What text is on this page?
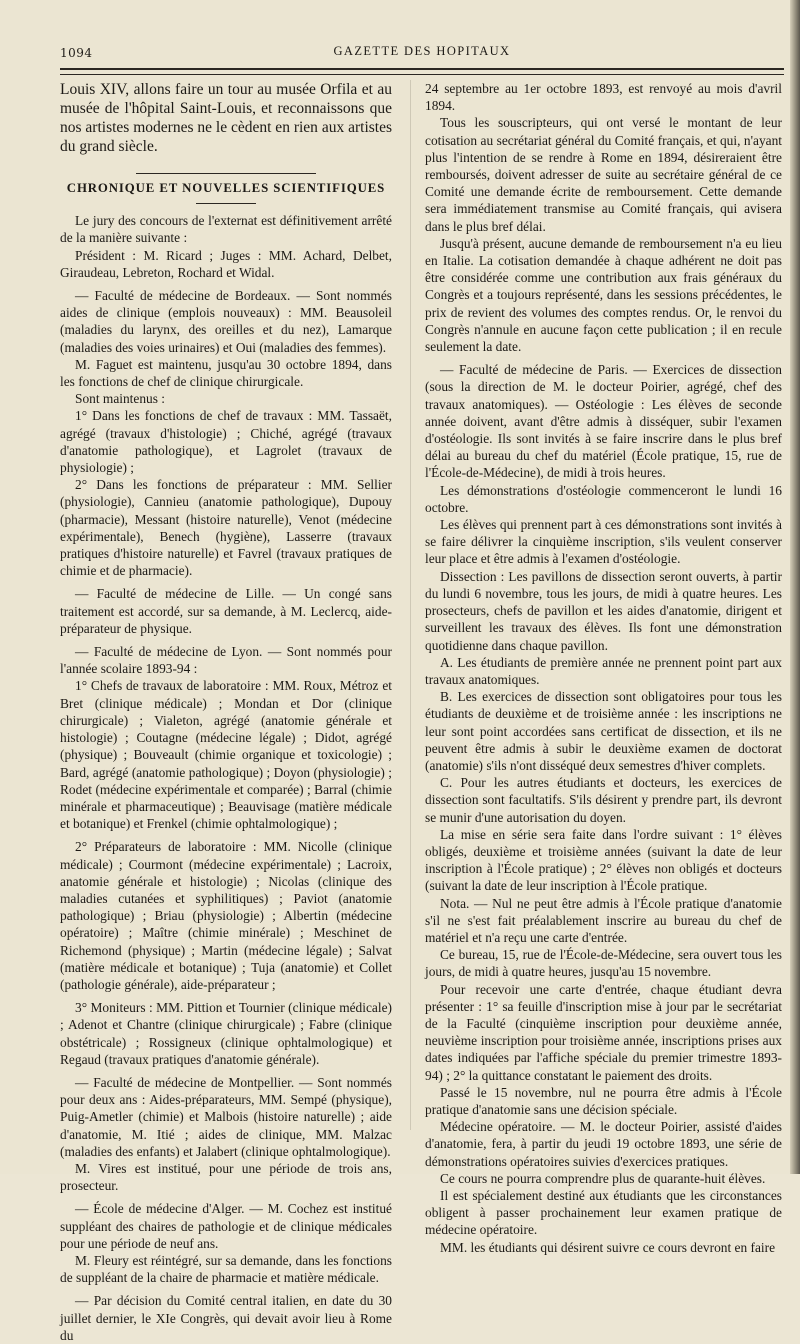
1094	GAZETTE DES HOPITAUX

Louis XIV, allons faire un tour au musée Orfila et au musée de l'hôpital Saint-Louis, et reconnaissons que nos artistes modernes ne le cèdent en rien aux artistes du grand siècle.

CHRONIQUE ET NOUVELLES SCIENTIFIQUES

Le jury des concours de l'externat est définitivement arrêté de la manière suivante :

Président : M. Ricard ; Juges : MM. Achard, Delbet, Giraudeau, Lebreton, Rochard et Widal.

— Faculté de médecine de Bordeaux. — Sont nommés aides de clinique (emplois nouveaux) : MM. Beausoleil (maladies du larynx, des oreilles et du nez), Lamarque (maladies des voies urinaires) et Oui (maladies des femmes).

M. Faguet est maintenu, jusqu'au 30 octobre 1894, dans les fonctions de chef de clinique chirurgicale.

Sont maintenus :

1° Dans les fonctions de chef de travaux : MM. Tassaët, agrégé (travaux d'histologie) ; Chiché, agrégé (travaux d'anatomie pathologique), et Lagrolet (travaux de physiologie) ;

2° Dans les fonctions de préparateur : MM. Sellier (physiologie), Cannieu (anatomie pathologique), Dupouy (pharmacie), Messant (histoire naturelle), Venot (médecine expérimentale), Benech (hygiène), Lasserre (travaux pratiques d'histoire naturelle) et Favrel (travaux pratiques de chimie et de pharmacie).

— Faculté de médecine de Lille. — Un congé sans traitement est accordé, sur sa demande, à M. Leclercq, aide-préparateur de physique.

— Faculté de médecine de Lyon. — Sont nommés pour l'année scolaire 1893-94 :

1° Chefs de travaux de laboratoire : MM. Roux, Métroz et Bret (clinique médicale) ; Mondan et Dor (clinique chirurgicale) ; Vialeton, agrégé (anatomie générale et histologie) ; Coutagne (médecine légale) ; Didot, agrégé (physique) ; Bouveault (chimie organique et toxicologie) ; Bard, agrégé (anatomie pathologique) ; Doyon (physiologie) ; Rodet (médecine expérimentale et comparée) ; Barral (chimie minérale et pharmaceutique) ; Beauvisage (matière médicale et botanique) et Frenkel (chimie ophtalmologique) ;

2° Préparateurs de laboratoire : MM. Nicolle (clinique médicale) ; Courmont (médecine expérimentale) ; Lacroix, anatomie générale et histologie) ; Nicolas (clinique des maladies cutanées et syphilitiques) ; Paviot (anatomie pathologique) ; Briau (physiologie) ; Albertin (médecine opératoire) ; Maître (chimie minérale) ; Meschinet de Richemond (physique) ; Martin (médecine légale) ; Salvat (matière médicale et botanique) ; Tuja (anatomie) et Collet (pathologie générale), aide-préparateur ;

3° Moniteurs : MM. Pittion et Tournier (clinique médicale) ; Adenot et Chantre (clinique chirurgicale) ; Fabre (clinique obstétricale) ; Rossigneux (clinique ophtalmologique) et Regaud (travaux pratiques d'anatomie générale).

— Faculté de médecine de Montpellier. — Sont nommés pour deux ans : Aides-préparateurs, MM. Sempé (physique), Puig-Ametler (chimie) et Malbois (histoire naturelle) ; aide d'anatomie, M. Itié ; aides de clinique, MM. Malzac (maladies des enfants) et Jalabert (clinique ophtalmologique).

M. Vires est institué, pour une période de trois ans, prosecteur.

— École de médecine d'Alger. — M. Cochez est institué suppléant des chaires de pathologie et de clinique médicales pour une période de neuf ans.

M. Fleury est réintégré, sur sa demande, dans les fonctions de suppléant de la chaire de pharmacie et matière médicale.

— Par décision du Comité central italien, en date du 30 juillet dernier, le XIe Congrès, qui devait avoir lieu à Rome du

24 septembre au 1er octobre 1893, est renvoyé au mois d'avril 1894.

Tous les souscripteurs, qui ont versé le montant de leur cotisation au secrétariat général du Comité français, et qui, n'ayant plus l'intention de se rendre à Rome en 1894, désireraient être remboursés, doivent adresser de suite au secrétaire général de ce Comité une demande écrite de remboursement. Cette demande sera immédiatement transmise au Comité français, qui avisera dans le plus bref délai.

Jusqu'à présent, aucune demande de remboursement n'a eu lieu en Italie. La cotisation demandée à chaque adhérent ne doit pas être considérée comme une contribution aux frais généraux du Congrès et a toujours représenté, dans les sessions précédentes, le prix de revient des volumes des comptes rendus. Or, le renvoi du Congrès n'annule en aucune façon cette publication ; il en recule seulement la date.

— Faculté de médecine de Paris. — Exercices de dissection (sous la direction de M. le docteur Poirier, agrégé, chef des travaux anatomiques). — Ostéologie : Les élèves de seconde année doivent, avant d'être admis à disséquer, subir l'examen d'ostéologie. Ils sont invités à se faire inscrire dans le plus bref délai au bureau du chef du matériel (École pratique, 15, rue de l'École-de-Médecine), de midi à trois heures.

Les démonstrations d'ostéologie commenceront le lundi 16 octobre.

Les élèves qui prennent part à ces démonstrations sont invités à se faire délivrer la cinquième inscription, s'ils veulent conserver leur place et être admis à l'examen d'ostéologie.

Dissection : Les pavillons de dissection seront ouverts, à partir du lundi 6 novembre, tous les jours, de midi à quatre heures. Les prosecteurs, chefs de pavillon et les aides d'anatomie, dirigent et surveillent les travaux des élèves. Ils font une démonstration quotidienne dans chaque pavillon.

A. Les étudiants de première année ne prennent point part aux travaux anatomiques.

B. Les exercices de dissection sont obligatoires pour tous les étudiants de deuxième et de troisième année : les inscriptions ne leur sont point accordées sans certificat de dissection, et ils ne peuvent être admis à subir le deuxième examen de doctorat (anatomie) s'ils n'ont disséqué deux semestres d'hiver complets.

C. Pour les autres étudiants et docteurs, les exercices de dissection sont facultatifs. S'ils désirent y prendre part, ils devront se munir d'une autorisation du doyen.

La mise en série sera faite dans l'ordre suivant : 1° élèves obligés, deuxième et troisième années (suivant la date de leur inscription à l'École pratique) ; 2° élèves non obligés et docteurs (suivant la date de leur inscription à l'École pratique.

Nota. — Nul ne peut être admis à l'École pratique d'anatomie s'il ne s'est fait préalablement inscrire au bureau du chef de matériel et n'a reçu une carte d'entrée.

Ce bureau, 15, rue de l'École-de-Médecine, sera ouvert tous les jours, de midi à quatre heures, jusqu'au 15 novembre.

Pour recevoir une carte d'entrée, chaque étudiant devra présenter : 1° sa feuille d'inscription mise à jour par le secrétariat de la Faculté (cinquième inscription pour deuxième année, neuvième inscription pour troisième année, inscriptions prises aux dates indiquées par l'affiche spéciale du premier trimestre 1893-94) ; 2° la quittance constatant le paiement des droits.

Passé le 15 novembre, nul ne pourra être admis à l'École pratique d'anatomie sans une décision spéciale.

Médecine opératoire. — M. le docteur Poirier, assisté d'aides d'anatomie, fera, à partir du jeudi 19 octobre 1893, une série de démonstrations opératoires suivies d'exercices pratiques.

Ce cours ne pourra comprendre plus de quarante-huit élèves.

Il est spécialement destiné aux étudiants que les circonstances obligent à passer prochainement leur examen pratique de médecine opératoire.

MM. les étudiants qui désirent suivre ce cours devront en faire
